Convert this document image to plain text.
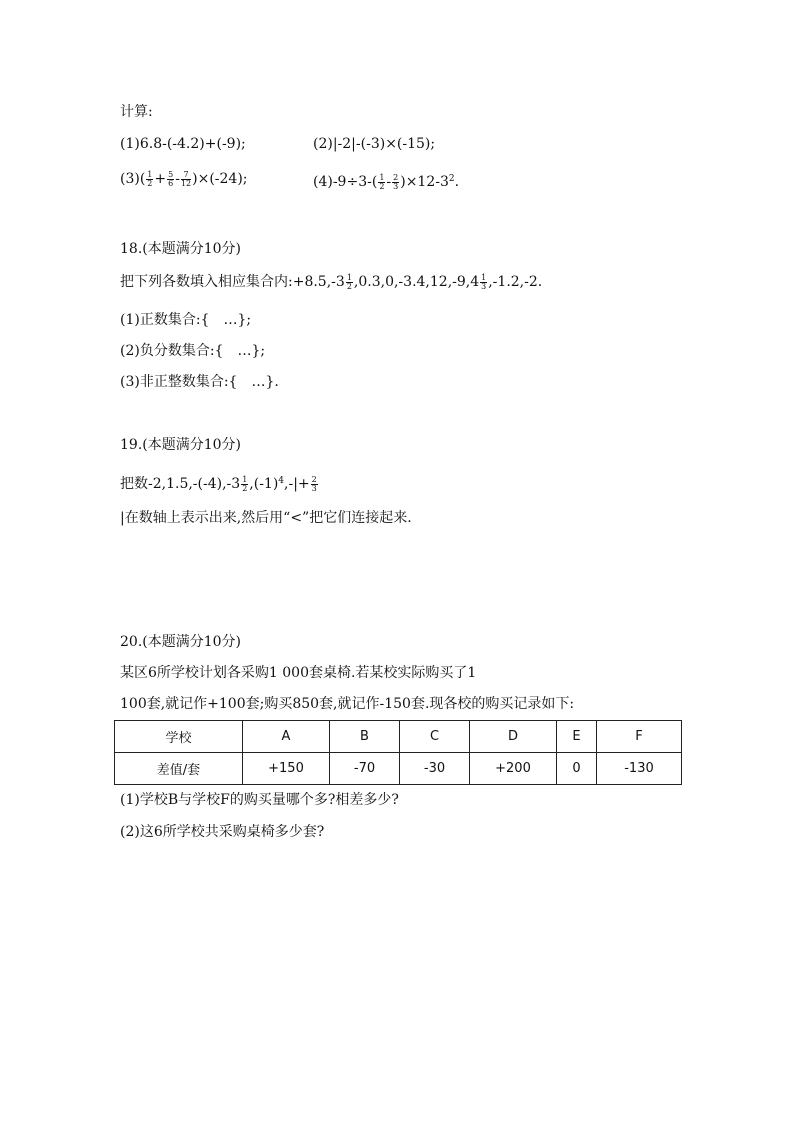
计算:
(1)6.8-(-4.2)+(-9);	(2)|-2|-(-3)×(-15);
$(3)( \frac{1}{2} + \frac{5}{6} - \frac{7}{12} )\times(-24)$;	$(4)-9\div 3-( \frac{1}{2} - \frac{2}{3} )\times 12-3^2$.
18.(本题满分10分)
把下列各数填入相应集合内:+8.5,-3 $\frac{1}{2} ,0.3,0,-3.4,12,-9,4 \frac{1}{3} ,-1.2,-2$.
(1)正数集合:{　…};
(2)负分数集合:{　…};
(3)非正整数集合:{　…}.
19.(本题满分10分)
把数$-2,1.5,-(-4),-3 \frac{1}{2} ,(-1)^4,-|+ \frac{2}{3}$
|在数轴上表示出来,然后用“<”把它们连接起来.
20.(本题满分10分)
某区6所学校计划各采购1 000套桌椅.若某校实际购买了1
100套,就记作+100套;购买850套,就记作-150套.现各校的购买记录如下:
学校	A	B	C	D	E	F
差值/套	+150	-70	-30	+200	0	-130
(1)学校B与学校F的购买量哪个多?相差多少?
(2)这6所学校共采购桌椅多少套?
